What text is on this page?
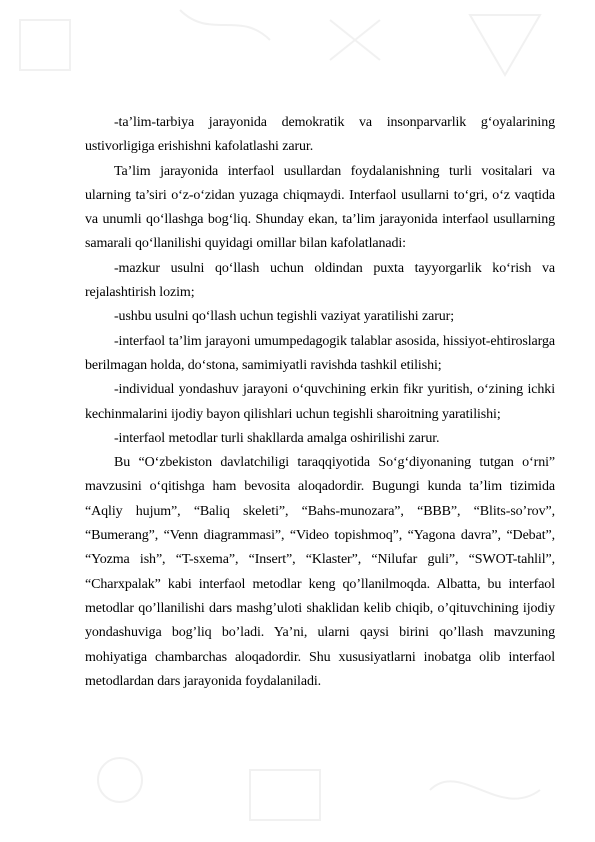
-ta’lim-tarbiya jarayonida demokratik va insonparvarlik g‘oyalarining ustivorligiga erishishni kafolatlashi zarur.

Ta’lim jarayonida interfaol usullardan foydalanishning turli vositalari va ularning ta’siri o‘z-o‘zidan yuzaga chiqmaydi. Interfaol usullarni to‘gri, o‘z vaqtida va unumli qo‘llashga bog‘liq. Shunday ekan, ta’lim jarayonida interfaol usullarning samarali qo‘llanilishi quyidagi omillar bilan kafolatlanadi:

-mazkur usulni qo‘llash uchun oldindan puxta tayyorgarlik ko‘rish va rejalashtirish lozim;

-ushbu usulni qo‘llash uchun tegishli vaziyat yaratilishi zarur;

-interfaol ta’lim jarayoni umumpedagogik talablar asosida, hissiyot-ehtiroslarga berilmagan holda, do‘stona, samimiyatli ravishda tashkil etilishi;

-individual yondashuv jarayoni o‘quvchining erkin fikr yuritish, o‘zining ichki kechinmalarini ijodiy bayon qilishlari uchun tegishli sharoitning yaratilishi;

-interfaol metodlar turli shakllarda amalga oshirilishi zarur.

Bu “O‘zbekiston davlatchiligi taraqqiyotida So‘g‘diyonaning tutgan o‘rni” mavzusini o‘qitishga ham bevosita aloqadordir. Bugungi kunda ta’lim tizimida “Aqliy hujum”, “Baliq skeleti”, “Bahs-munozara”, “BBB”, “Blits-so’rov”, “Bumerang”, “Venn diagrammasi”, “Video topishmoq”, “Yagona davra”, “Debat”, “Yozma ish”, “T-sxema”, “Insert”, “Klaster”, “Nilufar guli”, “SWOT-tahlil”, “Charxpalak” kabi interfaol metodlar keng qo’llanilmoqda. Albatta, bu interfaol metodlar qo’llanilishi dars mashg’uloti shaklidan kelib chiqib, o’qituvchining ijodiy yondashuviga bog’liq bo’ladi. Ya’ni, ularni qaysi birini qo’llash mavzuning mohiyatiga chambarchas aloqadordir. Shu xususiyatlarni inobatga olib interfaol metodlardan dars jarayonida foydalaniladi.
